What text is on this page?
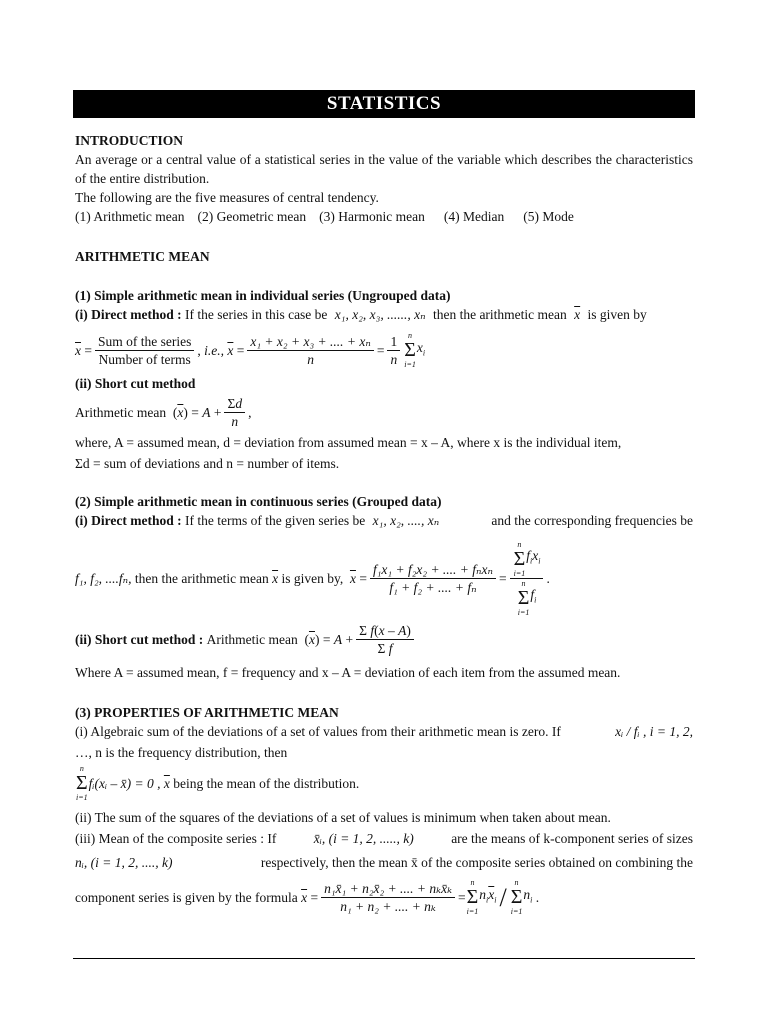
STATISTICS
INTRODUCTION
An average or a central value of a statistical series in the value of the variable which describes the characteristics of the entire distribution.
The following are the five measures of central tendency.
(1) Arithmetic mean (2) Geometric mean (3) Harmonic mean (4) Median (5) Mode
ARITHMETIC MEAN
(1) Simple arithmetic mean in individual series (Ungrouped data)
(i) Direct method : If the series in this case be x₁, x₂, x₃, ......, xₙ then the arithmetic mean $\overline{x}$ is given by
$\overline{x} = \frac{\text{Sum of the series}}{\text{Number of terms}}$ , i.e.,
$\overline{x} = \frac{\text{x₁ + x₂ + x₃ + .... + xₙ}}{n} = \frac{1}{n}$ n
Σ
i=1
$x_i$
(ii) Short cut method
Arithmetic mean ( $\overline{x}$ ) = $A + \frac{\Sigma d}{n}$ ,
where, A = assumed mean, d = deviation from assumed mean = x – A, where x is the individual item,
Σd = sum of deviations and n = number of items.
(2) Simple arithmetic mean in continuous series (Grouped data)
(i) Direct method : If the terms of the given series be x₁, x₂, ...., xₙ	and the corresponding frequencies be
f₁, f₂, ....fₙ,
then the arithmetic mean
$\overline{x}$
is given by,
$\overline{x} = \frac{\text{f₁x₁ + f₂x₂ + .... + fₙxₙ}}{\text{f₁ + f₂ + .... + fₙ}} = n$
Σ
i=1
$f_ix_i$
n
Σ
i=1
$f_i$ .
(ii) Short cut method :
Arithmetic mean ( $\overline{x}$ ) = $A + \frac{\text{Σ f(x – A)}}{\text{Σ f}}$
Where A = assumed mean, f = frequency and x – A = deviation of each item from the assumed mean.
(3) PROPERTIES OF ARITHMETIC MEAN
(i) Algebraic sum of the deviations of a set of values from their arithmetic mean is zero. If	xᵢ / fᵢ , i = 1, 2,
…, n is the frequency distribution, then
n
Σ
i=1
fᵢ(xᵢ – x̄) = 0 ,
$\overline{x}$
being the mean of the distribution.
(ii) The sum of the squares of the deviations of a set of values is minimum when taken about mean.
(iii) Mean of the composite series : If	x̄ᵢ, (i = 1, 2, ....., k)	are the means of k-component series of sizes
nᵢ, (i = 1, 2, ...., k)	respectively, then the mean x̄ of the composite series obtained on combining the
component series is given by the formula
$\overline{x} = \frac{\text{n₁x̄₁ + n₂x̄₂ + .... + nₖx̄ₖ}}{\text{n₁ + n₂ + .... + nₖ}}$ =
n
Σ
i=1
$n_i\overline{x}_i$ / n
Σ
i=1
$n_i$ .
